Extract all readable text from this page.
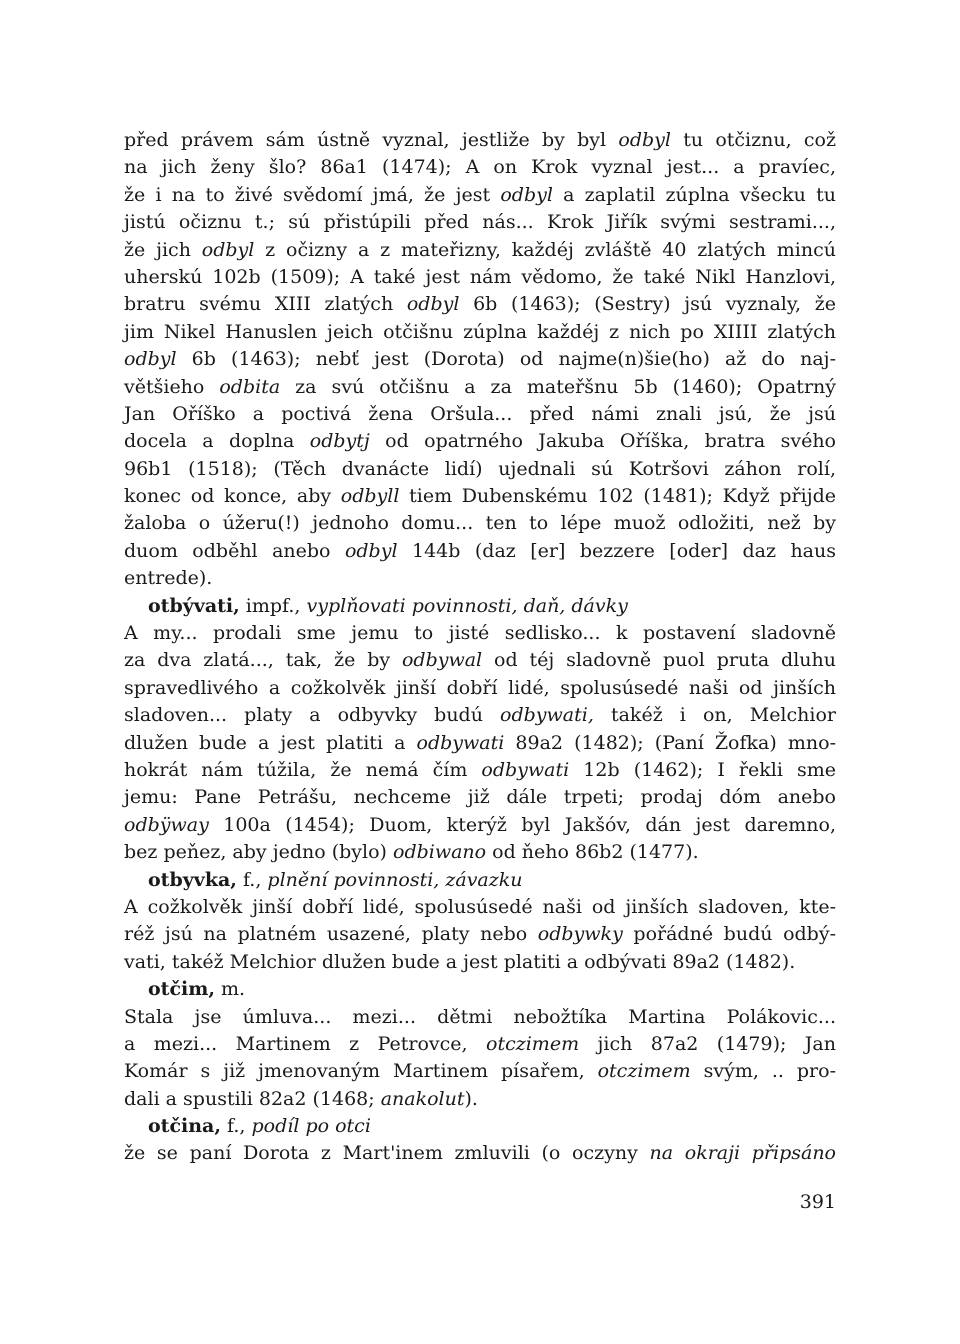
před právem sám ústně vyznal, jestliže by byl odbyl tu otčiznu, což
na jich ženy šlo? 86a1 (1474); A on Krok vyznal jest... a pravíec,
že i na to živé svědomí jmá, že jest odbyl a zaplatil zúplna všecku tu
jistú očiznu t.; sú přistúpili před nás... Krok Jiřík svými sestrami...,
že jich odbyl z očizny a z mateřizny, každéj zvláště 40 zlatých mincú
uherskú 102b (1509); A také jest nám vědomo, že také Nikl Hanzlovi,
bratru svému XIII zlatých odbyl 6b (1463); (Sestry) jsú vyznaly, že
jim Nikel Hanuslen jeich otčišnu zúplna každéj z nich po XIIII zlatých
odbyl 6b (1463); nebť jest (Dorota) od najme(n)šie(ho) až do naj-
většieho odbita za svú otčišnu a za mateřšnu 5b (1460); Opatrný
Jan Oříško a poctivá žena Oršula... před námi znali jsú, že jsú
docela a doplna odbytj od opatrného Jakuba Oříška, bratra svého
96b1 (1518); (Těch dvanácte lidí) ujednali sú Kotršovi záhon rolí,
konec od konce, aby odbyll tiem Dubenskému 102 (1481); Když přijde
žaloba o úžeru(!) jednoho domu... ten to lépe muož odložiti, než by
duom odběhl anebo odbyl 144b (daz [er] bezzere [oder] daz haus
entrede).
otbývati, impf., vyplňovati povinnosti, daň, dávky
A my... prodali sme jemu to jisté sedlisko... k postavení sladovně
za dva zlatá..., tak, že by odbywal od téj sladovně puol pruta dluhu
spravedlivého a cožkolvěk jinší dobří lidé, spolusúsedé naši od jinších
sladoven... platy a odbyvky budú odbywati, takéž i on, Melchior
dlužen bude a jest platiti a odbywati 89a2 (1482); (Paní Žofka) mno-
hokrát nám túžila, že nemá čím odbywati 12b (1462); I řekli sme
jemu: Pane Petrášu, nechceme již dále trpeti; prodaj dóm anebo
odbÿway 100a (1454); Duom, kterýž byl Jakšóv, dán jest daremno,
bez peňez, aby jedno (bylo) odbiwano od ňeho 86b2 (1477).
otbyvka, f., plnění povinnosti, závazku
A cožkolvěk jinší dobří lidé, spolusúsedé naši od jinších sladoven, kte-
réž jsú na platném usazené, platy nebo odbywky pořádné budú odbý-
vati, takéž Melchior dlužen bude a jest platiti a odbývati 89a2 (1482).
otčim, m.
Stala jse úmluva... mezi... dětmi nebožtíka Martina Polákovic...
a mezi... Martinem z Petrovce, otczimem jich 87a2 (1479); Jan
Komár s již jmenovaným Martinem písařem, otczimem svým, .. pro-
dali a spustili 82a2 (1468; anakolut).
otčina, f., podíl po otci
že se paní Dorota z Mart'inem zmluvili (o oczyny na okraji připsáno
391
